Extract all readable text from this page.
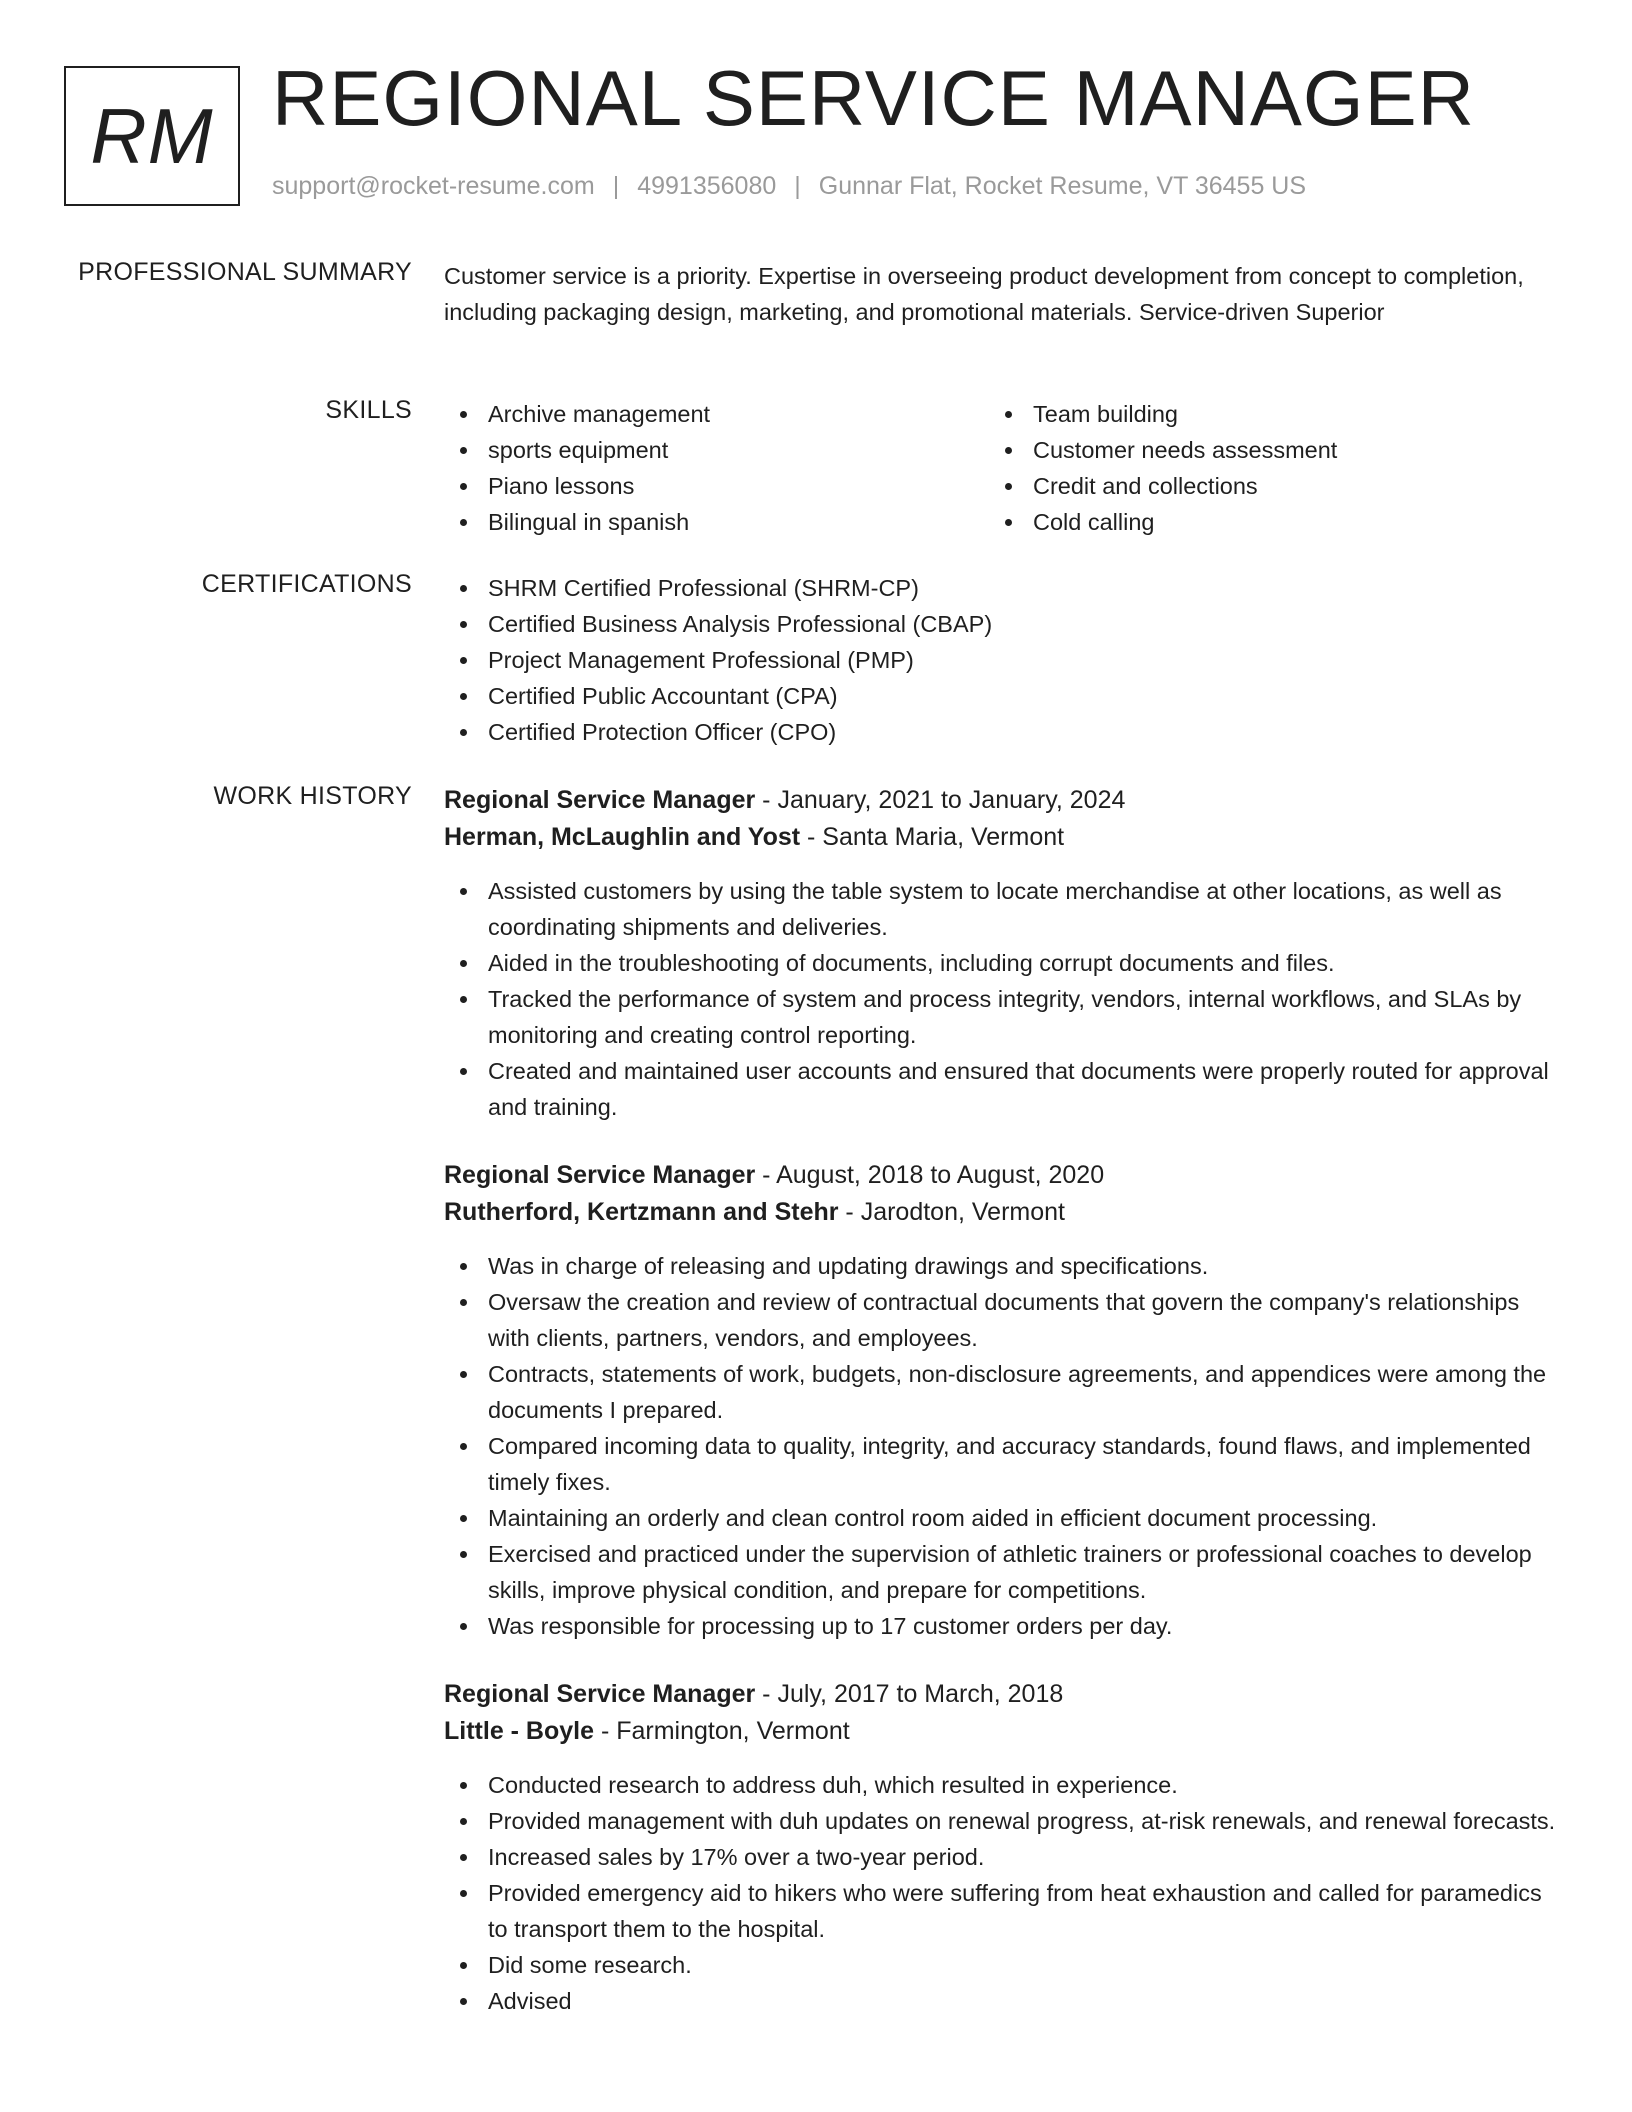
RM REGIONAL SERVICE MANAGER
support@rocket-resume.com | 4991356080 | Gunnar Flat, Rocket Resume, VT 36455 US
PROFESSIONAL SUMMARY Customer service is a priority. Expertise in overseeing product development from concept to completion, including packaging design, marketing, and promotional materials. Service-driven Superior

SKILLS	Archive management
sports equipment
Piano lessons
Bilingual in spanish
Team building
Customer needs assessment
Credit and collections
Cold calling
CERTIFICATIONS	SHRM Certified Professional (SHRM-CP)
Certified Business Analysis Professional (CBAP)
Project Management Professional (PMP)
Certified Public Accountant (CPA)
Certified Protection Officer (CPO)
WORK HISTORY Regional Service Manager - January, 2021 to January, 2024
Herman, McLaughlin and Yost - Santa Maria, Vermont
Assisted customers by using the table system to locate merchandise at other locations, as well as coordinating shipments and deliveries.
Aided in the troubleshooting of documents, including corrupt documents and files.
Tracked the performance of system and process integrity, vendors, internal workflows, and SLAs by monitoring and creating control reporting.
Created and maintained user accounts and ensured that documents were properly routed for approval and training.
Regional Service Manager - August, 2018 to August, 2020
Rutherford, Kertzmann and Stehr - Jarodton, Vermont
Was in charge of releasing and updating drawings and specifications.
Oversaw the creation and review of contractual documents that govern the company's relationships with clients, partners, vendors, and employees.
Contracts, statements of work, budgets, non-disclosure agreements, and appendices were among the documents I prepared.
Compared incoming data to quality, integrity, and accuracy standards, found flaws, and implemented timely fixes.
Maintaining an orderly and clean control room aided in efficient document processing.
Exercised and practiced under the supervision of athletic trainers or professional coaches to develop skills, improve physical condition, and prepare for competitions.
Was responsible for processing up to 17 customer orders per day.
Regional Service Manager - July, 2017 to March, 2018
Little - Boyle - Farmington, Vermont
Conducted research to address duh, which resulted in experience.
Provided management with duh updates on renewal progress, at-risk renewals, and renewal forecasts.
Increased sales by 17% over a two-year period.
Provided emergency aid to hikers who were suffering from heat exhaustion and called for paramedics to transport them to the hospital.
Did some research.
Advised
